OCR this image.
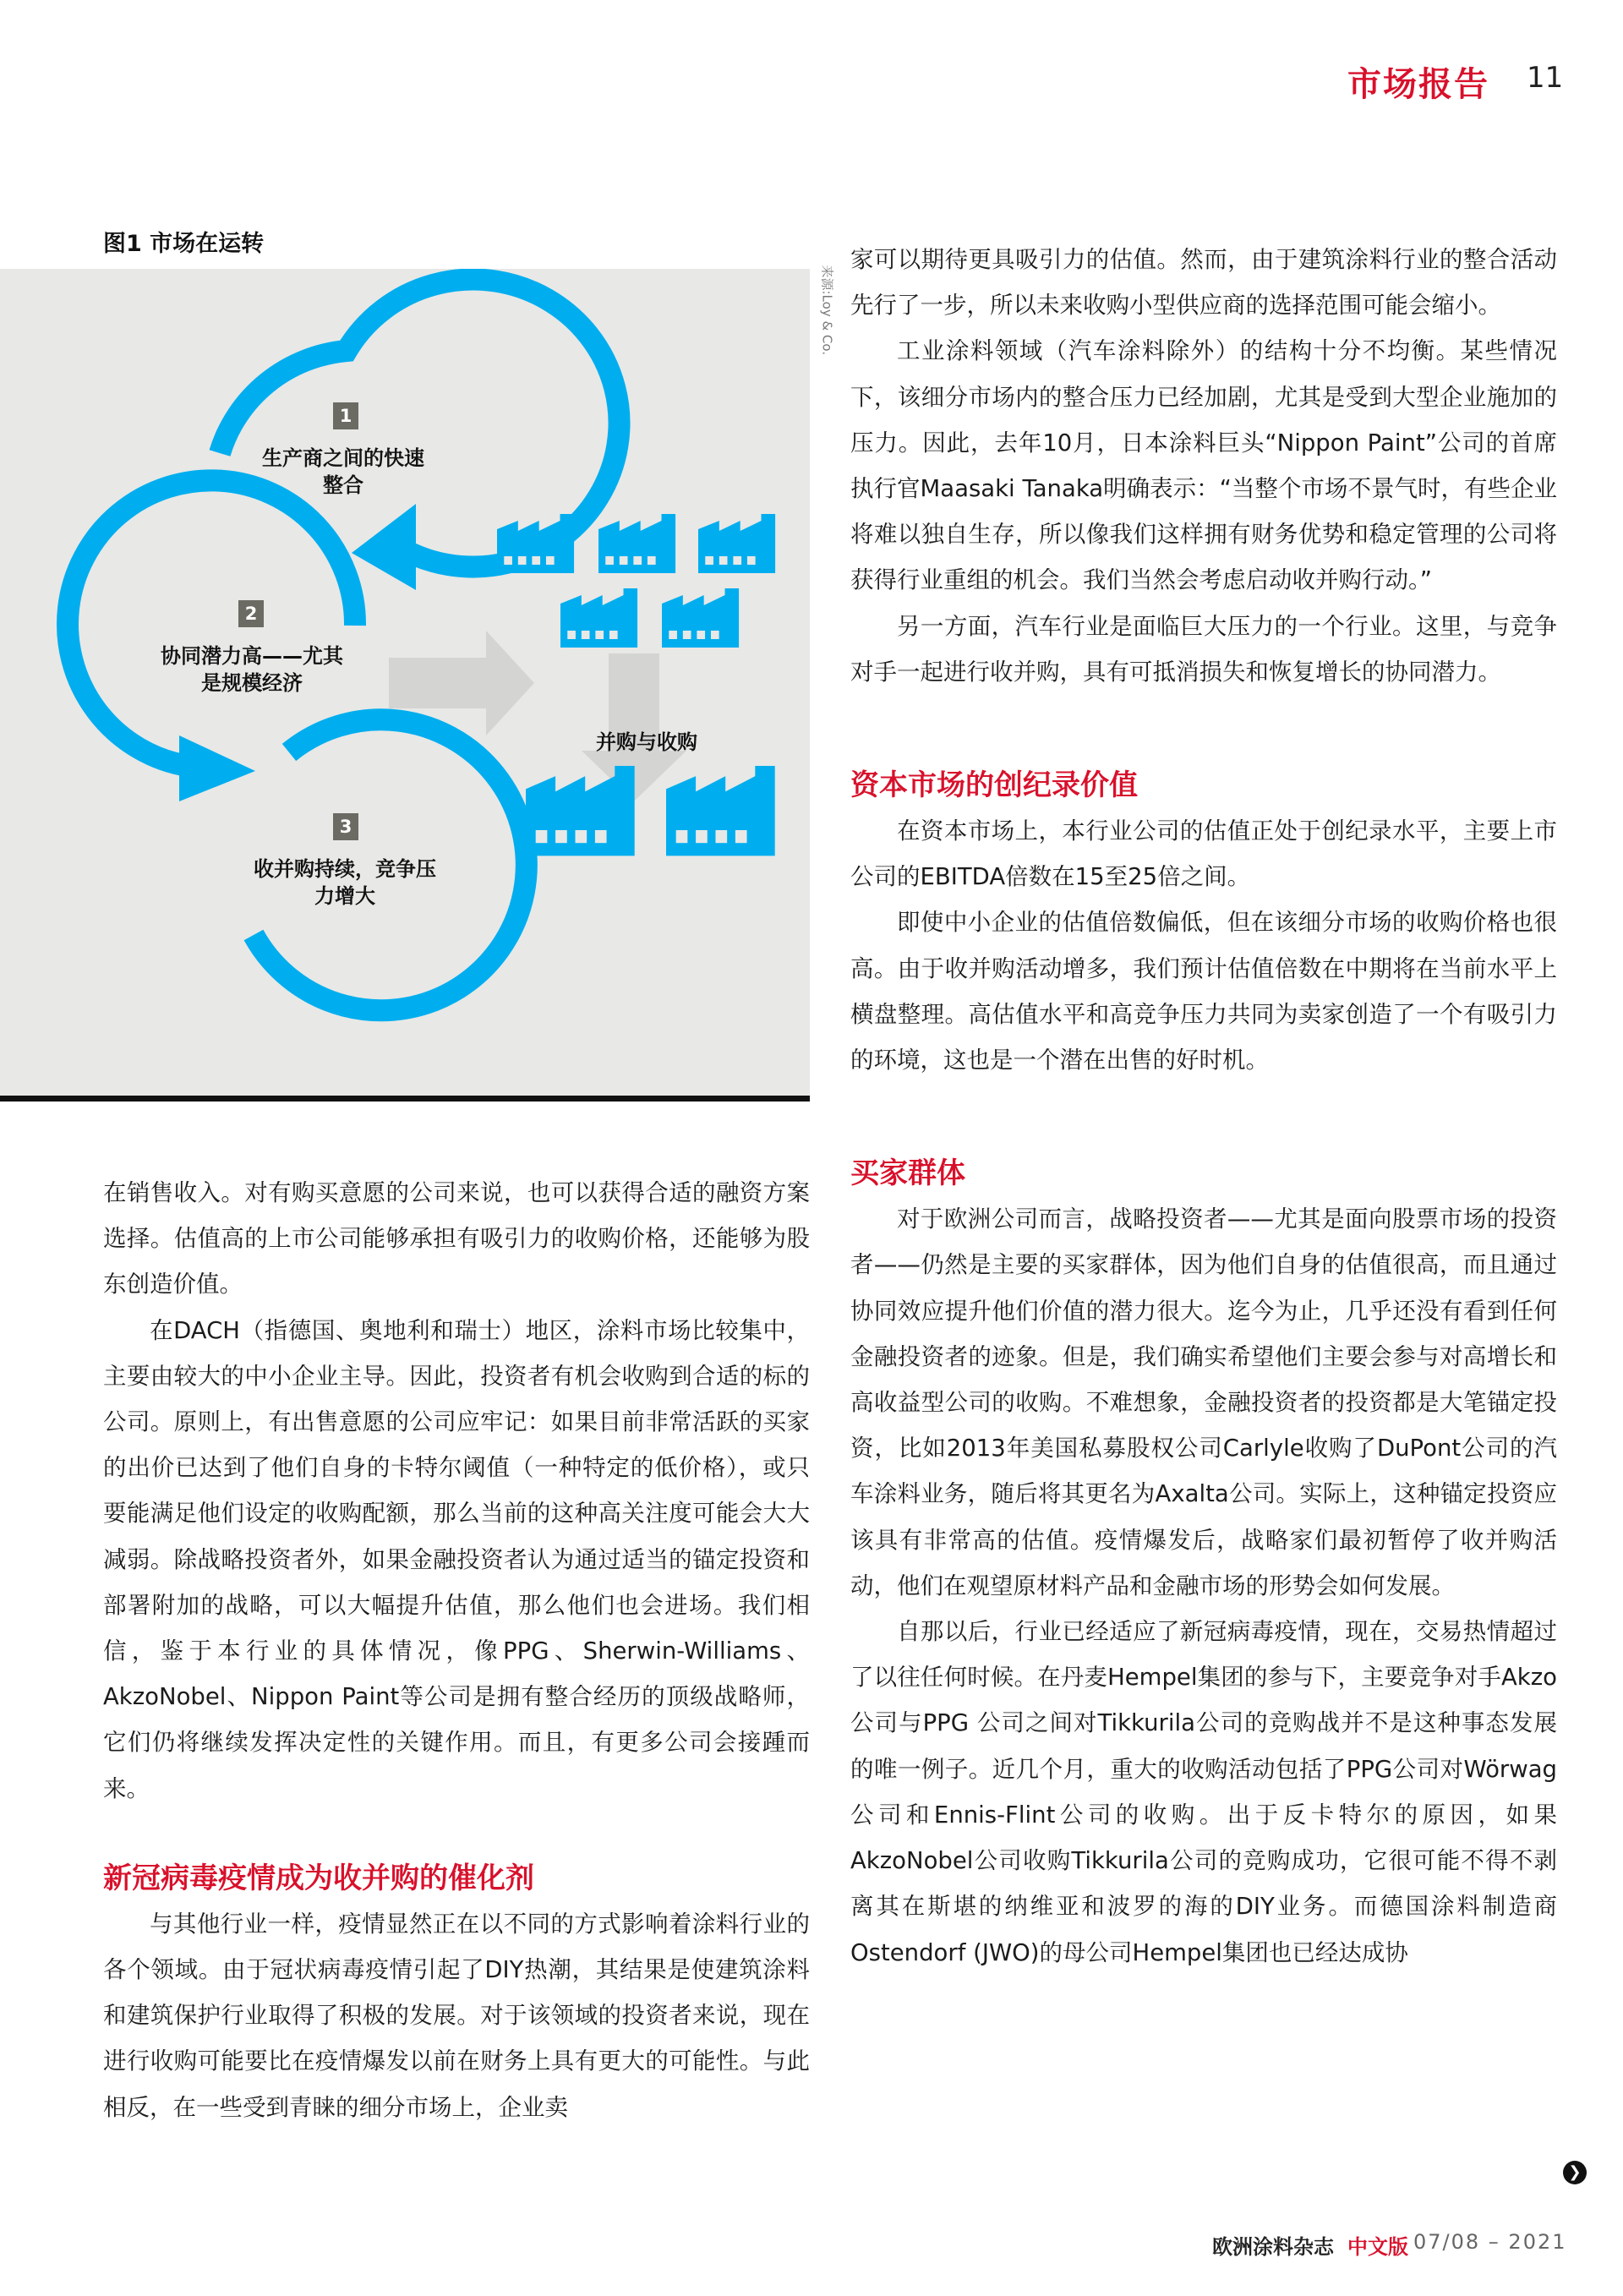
市场报告 11
图1 市场在运转
1
生产商之间的快速
整合
2
协同潜力高——尤其
是规模经济
3
收并购持续，竞争压
力增大
并购与收购
来源:Loy & Co.

在销售收入。对有购买意愿的公司来说，也可以获得合适的融资方案选择。估值高的上市公司能够承担有吸引力的收购价格，还能够为股东创造价值。

在DACH（指德国、奥地利和瑞士）地区，涂料市场比较集中，主要由较大的中小企业主导。因此，投资者有机会收购到合适的标的公司。原则上，有出售意愿的公司应牢记：如果目前非常活跃的买家的出价已达到了他们自身的卡特尔阈值（一种特定的低价格），或只要能满足他们设定的收购配额，那么当前的这种高关注度可能会大大减弱。除战略投资者外，如果金融投资者认为通过适当的锚定投资和部署附加的战略，可以大幅提升估值，那么他们也会进场。我们相信，鉴于本行业的具体情况，像PPG、Sherwin-Williams、AkzoNobel、Nippon Paint等公司是拥有整合经历的顶级战略师，它们仍将继续发挥决定性的关键作用。而且，有更多公司会接踵而来。

新冠病毒疫情成为收并购的催化剂

与其他行业一样，疫情显然正在以不同的方式影响着涂料行业的各个领域。由于冠状病毒疫情引起了DIY热潮，其结果是使建筑涂料和建筑保护行业取得了积极的发展。对于该领域的投资者来说，现在进行收购可能要比在疫情爆发以前在财务上具有更大的可能性。与此相反，在一些受到青睐的细分市场上，企业卖

家可以期待更具吸引力的估值。然而，由于建筑涂料行业的整合活动先行了一步，所以未来收购小型供应商的选择范围可能会缩小。

工业涂料领域（汽车涂料除外）的结构十分不均衡。某些情况下，该细分市场内的整合压力已经加剧，尤其是受到大型企业施加的压力。因此，去年10月，日本涂料巨头“Nippon Paint”公司的首席执行官Maasaki Tanaka明确表示：“当整个市场不景气时，有些企业将难以独自生存，所以像我们这样拥有财务优势和稳定管理的公司将获得行业重组的机会。我们当然会考虑启动收并购行动。”

另一方面，汽车行业是面临巨大压力的一个行业。这里，与竞争对手一起进行收并购，具有可抵消损失和恢复增长的协同潜力。

资本市场的创纪录价值

在资本市场上，本行业公司的估值正处于创纪录水平，主要上市公司的EBITDA倍数在15至25倍之间。

即使中小企业的估值倍数偏低，但在该细分市场的收购价格也很高。由于收并购活动增多，我们预计估值倍数在中期将在当前水平上横盘整理。高估值水平和高竞争压力共同为卖家创造了一个有吸引力的环境，这也是一个潜在出售的好时机。

买家群体

对于欧洲公司而言，战略投资者——尤其是面向股票市场的投资者——仍然是主要的买家群体，因为他们自身的估值很高，而且通过协同效应提升他们价值的潜力很大。迄今为止，几乎还没有看到任何金融投资者的迹象。但是，我们确实希望他们主要会参与对高增长和高收益型公司的收购。不难想象，金融投资者的投资都是大笔锚定投资，比如2013年美国私募股权公司Carlyle收购了DuPont公司的汽车涂料业务，随后将其更名为Axalta公司。实际上，这种锚定投资应该具有非常高的估值。疫情爆发后，战略家们最初暂停了收并购活动，他们在观望原材料产品和金融市场的形势会如何发展。

自那以后，行业已经适应了新冠病毒疫情，现在，交易热情超过了以往任何时候。在丹麦Hempel集团的参与下，主要竞争对手Akzo公司与PPG 公司之间对Tikkurila公司的竞购战并不是这种事态发展的唯一例子。近几个月，重大的收购活动包括了PPG公司对Wörwag公司和Ennis-Flint公司的收购。出于反卡特尔的原因，如果AkzoNobel公司收购Tikkurila公司的竞购成功，它很可能不得不剥离其在斯堪的纳维亚和波罗的海的DIY业务。而德国涂料制造商Ostendorf (JWO)的母公司Hempel集团也已经达成协

❯
欧洲涂料杂志 中文版 07/08 – 2021
